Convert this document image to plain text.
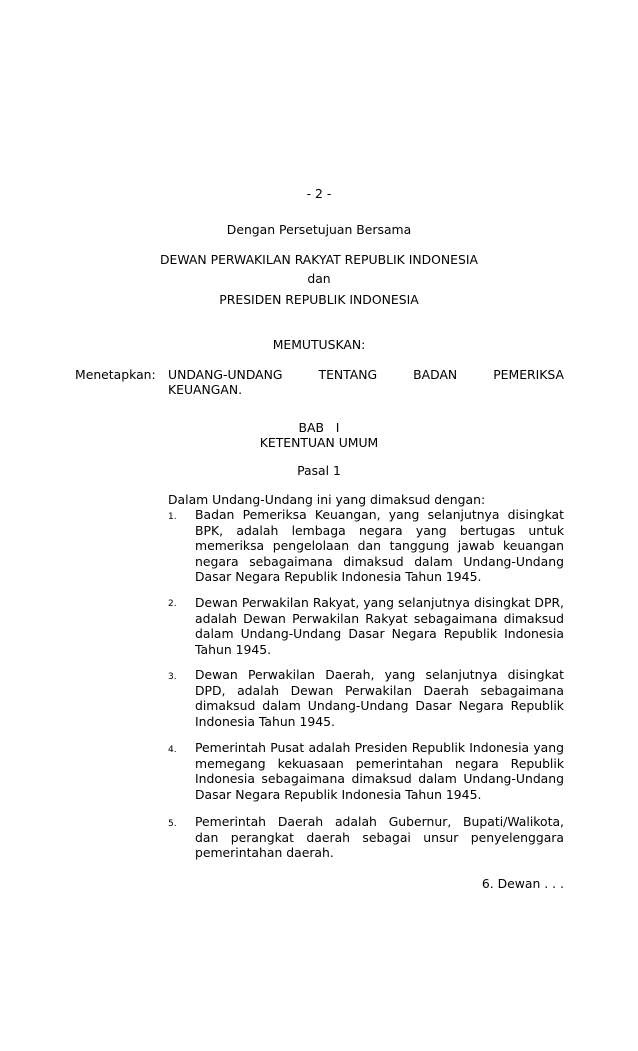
- 2 -
Dengan Persetujuan Bersama
DEWAN PERWAKILAN RAKYAT REPUBLIK INDONESIA
dan
PRESIDEN REPUBLIK INDONESIA
MEMUTUSKAN:
Menetapkan: UNDANG-UNDANG TENTANG BADAN PEMERIKSA
KEUANGAN.
BAB   I
KETENTUAN UMUM
Pasal 1
Dalam Undang-Undang ini yang dimaksud dengan:
1.	Badan Pemeriksa Keuangan, yang selanjutnya disingkat
BPK, adalah lembaga negara yang bertugas untuk
memeriksa pengelolaan dan tanggung jawab keuangan
negara sebagaimana dimaksud dalam Undang-Undang
Dasar Negara Republik Indonesia Tahun 1945.
2.	Dewan Perwakilan Rakyat, yang selanjutnya disingkat DPR,
adalah Dewan Perwakilan Rakyat sebagaimana dimaksud
dalam Undang-Undang Dasar Negara Republik Indonesia
Tahun 1945.
3.	Dewan Perwakilan Daerah, yang selanjutnya disingkat
DPD, adalah Dewan Perwakilan Daerah sebagaimana
dimaksud dalam Undang-Undang Dasar Negara Republik
Indonesia Tahun 1945.
4.	Pemerintah Pusat adalah Presiden Republik Indonesia yang
memegang kekuasaan pemerintahan negara Republik
Indonesia sebagaimana dimaksud dalam Undang-Undang
Dasar Negara Republik Indonesia Tahun 1945.
5.	Pemerintah Daerah adalah Gubernur, Bupati/Walikota,
dan perangkat daerah sebagai unsur penyelenggara
pemerintahan daerah.
6. Dewan . . .
